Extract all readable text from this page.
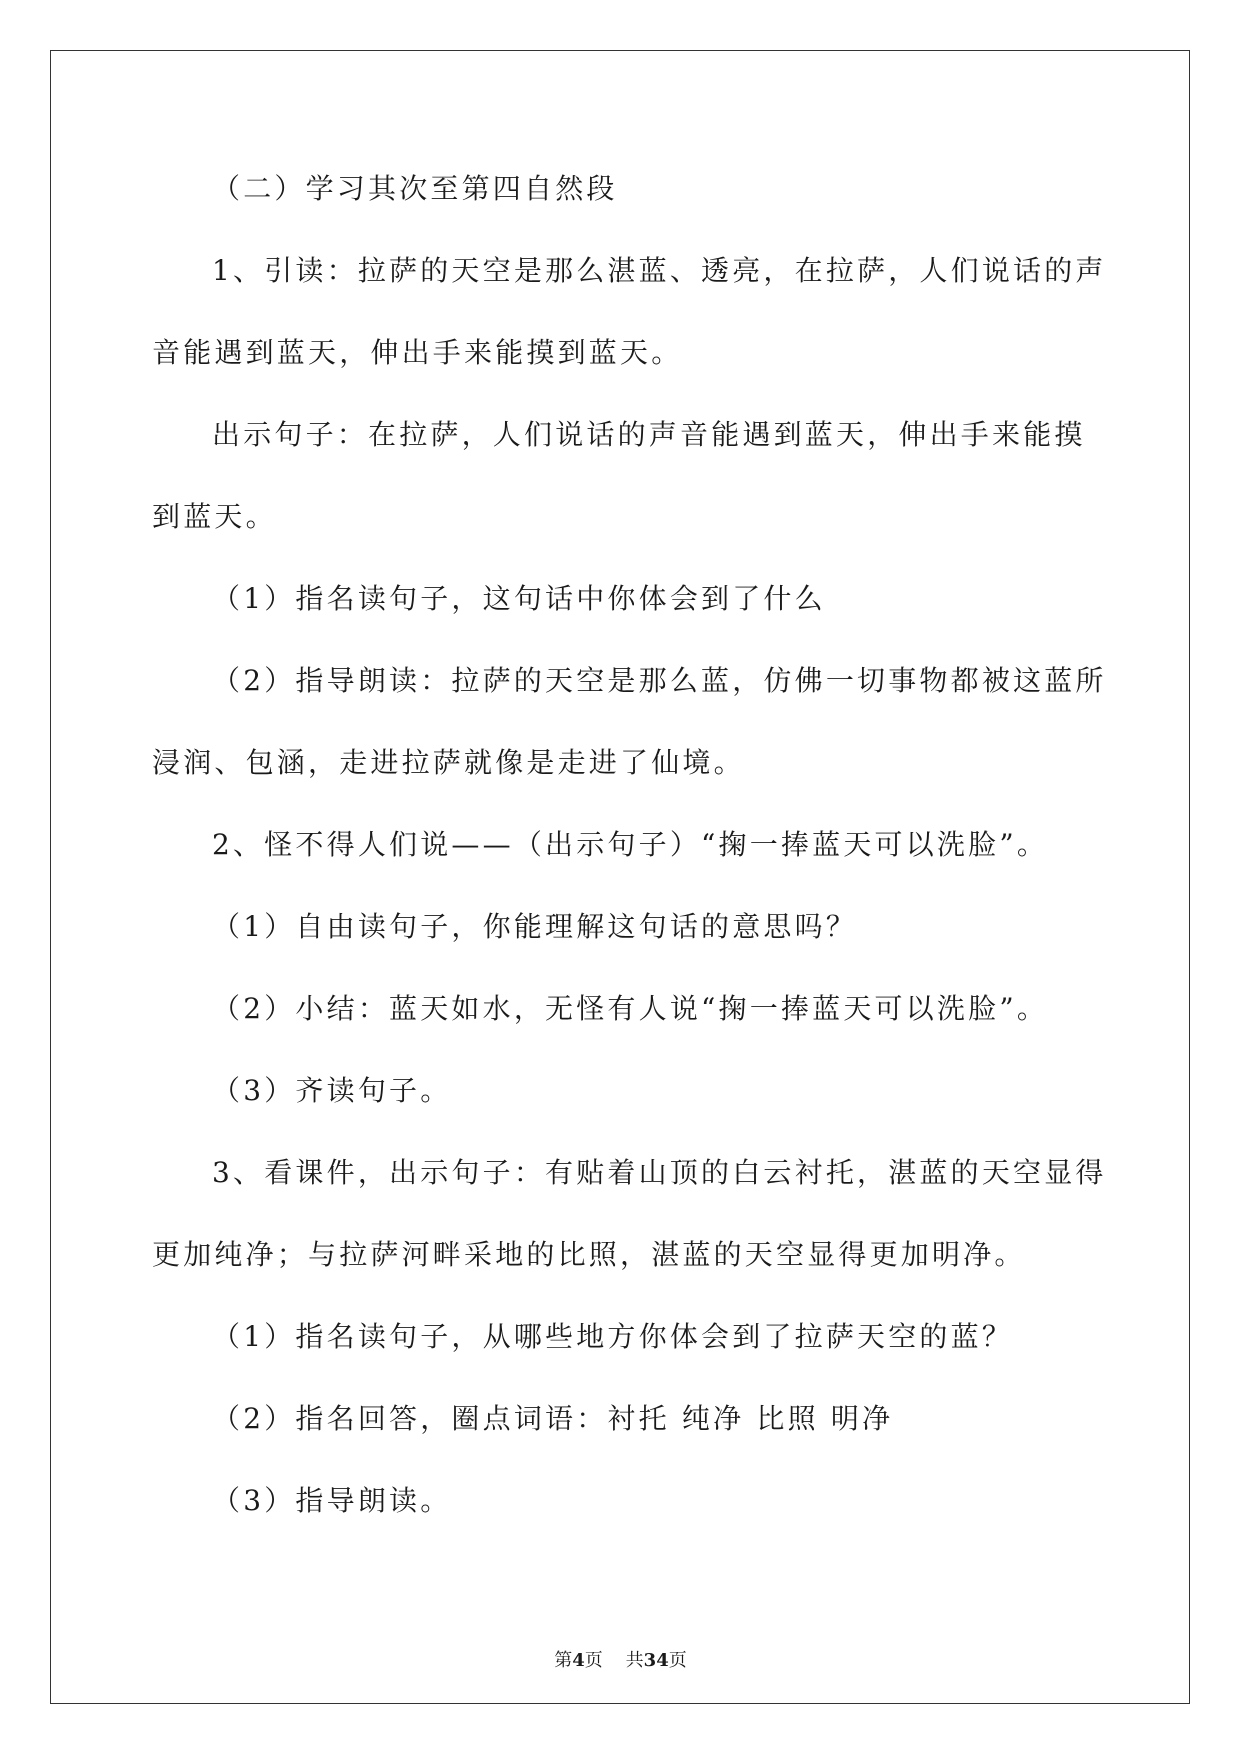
（二）学习其次至第四自然段
1、引读：拉萨的天空是那么湛蓝、透亮，在拉萨，人们说话的声
音能遇到蓝天，伸出手来能摸到蓝天。
出示句子：在拉萨，人们说话的声音能遇到蓝天，伸出手来能摸
到蓝天。
（1）指名读句子，这句话中你体会到了什么
（2）指导朗读：拉萨的天空是那么蓝，仿佛一切事物都被这蓝所
浸润、包涵，走进拉萨就像是走进了仙境。
2、怪不得人们说——（出示句子）“掬一捧蓝天可以洗脸”。
（1）自由读句子，你能理解这句话的意思吗？
（2）小结：蓝天如水，无怪有人说“掬一捧蓝天可以洗脸”。
（3）齐读句子。
3、看课件，出示句子：有贴着山顶的白云衬托，湛蓝的天空显得
更加纯净；与拉萨河畔采地的比照，湛蓝的天空显得更加明净。
（1）指名读句子，从哪些地方你体会到了拉萨天空的蓝？
（2）指名回答，圈点词语：衬托 纯净 比照 明净
（3）指导朗读。
第4页 共34页
